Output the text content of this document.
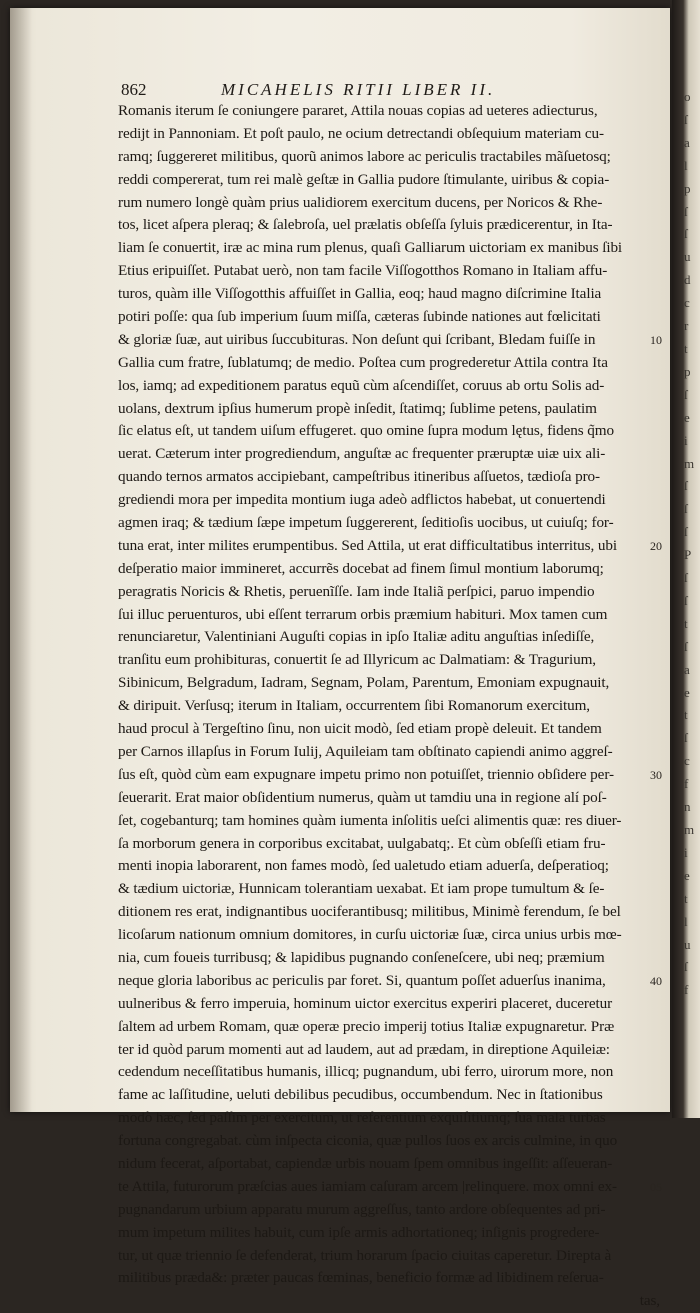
862	MICAHELIS RITII LIBER II.
Romanis iterum ſe coniungere pararet, Attila nouas copias ad ueteres adiecturus,
redijt in Pannoniam. Et poſt paulo, ne ocium detrectandi obſequium materiam cu-
ramq; ſuggereret militibus, quorũ animos labore ac periculis tractabiles mãſuetosq;
reddi compererat, tum rei malè geſtæ in Gallia pudore ſtimulante, uiribus & copia-
rum numero longè quàm prius ualidiorem exercitum ducens, per Noricos & Rhe-
tos, licet aſpera pleraq; & ſalebroſa, uel prælatis obſeſſa ſyluis prædicerentur, in Ita-
liam ſe conuertit, iræ ac mina rum plenus, quaſi Galliarum uictoriam ex manibus ſibi
Etius eripuiſſet. Putabat uerò, non tam facile Viſſogotthos Romano in Italiam affu-
turos, quàm ille Viſſogotthis affuiſſet in Gallia, eoq; haud magno diſcrimine Italia
potiri poſſe: qua ſub imperium ſuum miſſa, cæteras ſubinde nationes aut fœlicitati
& gloriæ ſuæ, aut uiribus ſuccubituras. Non deſunt qui ſcribant, Bledam fuiſſe in
Gallia cum fratre, ſublatumq; de medio. Poſtea cum progrederetur Attila contra Ita
los, iamq; ad expeditionem paratus equũ cùm aſcendiſſet, coruus ab ortu Solis ad-
uolans, dextrum ipſius humerum propè inſedit, ſtatimq; ſublime petens, paulatim
ſic elatus eſt, ut tandem uiſum effugeret. quo omine ſupra modum lętus, fidens q̃mo
uerat. Cæterum inter progrediendum, anguſtæ ac frequenter præruptæ uiæ uix ali-
quando ternos armatos accipiebant, campeſtribus itineribus aſſuetos, tædioſa pro-
grediendi mora per impedita montium iuga adeò adflictos habebat, ut conuertendi
agmen iraq; & tædium ſæpe impetum ſuggererent, ſeditioſis uocibus, ut cuiuſq; for-
tuna erat, inter milites erumpentibus. Sed Attila, ut erat difficultatibus interritus, ubi
deſperatio maior immineret, accurrẽs docebat ad finem ſimul montium laborumq;
peragratis Noricis & Rhetis, peruenĩſſe. Iam inde Italiã perſpici, paruo impendio
ſui illuc peruenturos, ubi eſſent terrarum orbis præmium habituri. Mox tamen cum
renunciaretur, Valentiniani Auguſti copias in ipſo Italiæ aditu anguſtias inſediſſe,
tranſitu eum prohibituras, conuertit ſe ad Illyricum ac Dalmatiam: & Tragurium,
Sibinicum, Belgradum, Iadram, Segnam, Polam, Parentum, Emoniam expugnauit,
& diripuit. Verſusq; iterum in Italiam, occurrentem ſibi Romanorum exercitum,
haud procul à Tergeſtino ſinu, non uicit modò, ſed etiam propè deleuit. Et tandem
per Carnos illapſus in Forum Iulij, Aquileiam tam obſtinato capiendi animo aggreſ-
ſus eſt, quòd cùm eam expugnare impetu primo non potuiſſet, triennio obſidere per-
ſeuerarit. Erat maior obſidentium numerus, quàm ut tamdiu una in regione alí poſ-
ſet, cogebanturq; tam homines quàm iumenta inſolitis ueſci alimentis quæ: res diuer-
ſa morborum genera in corporibus excitabat, uulgabatq;. Et cùm obſeſſi etiam fru-
menti inopia laborarent, non fames modò, ſed ualetudo etiam aduerſa, deſperatioq;
& tædium uictoriæ, Hunnicam tolerantiam uexabat. Et iam prope tumultum & ſe-
ditionem res erat, indignantibus uociferantibusq; militibus, Minimè ferendum, ſe bel
licoſarum nationum omnium domitores, in curſu uictoriæ ſuæ, circa unius urbis mœ-
nia, cum foueis turribusq; & lapidibus pugnando conſeneſcere, ubi neq; præmium
neque gloria laboribus ac periculis par foret. Si, quantum poſſet aduerſus inanima,
uulneribus & ferro imperuia, hominum uictor exercitus experiri placeret, duceretur
ſaltem ad urbem Romam, quæ operæ precio imperij totius Italiæ expugnaretur. Præ
ter id quòd parum momenti aut ad laudem, aut ad prædam, in direptione Aquileiæ:
cedendum neceſſitatibus humanis, illicq; pugnandum, ubi ferro, uirorum more, non
fame ac laſſitudine, ueluti debilibus pecudibus, occumbendum. Nec in ſtationibus
modò hæc, ſed paſſim per exercitum, ut referentium exquiſitiumq; ſua mala turbas
fortuna congregabat. cùm inſpecta ciconia, quæ pullos ſuos ex arcis culmine, in quo
nidum fecerat, aſportabat, capiendæ urbis nouam ſpem omnibus ingeſſit: aſſeueran-
te Attila, futurorum præſcias aues iamiam caſuram arcem |relinquere. mox omni ex-
pugnandarum urbium apparatu murum aggreſſus, tanto ardore obſequentes ad pri-
mum impetum milites habuit, cum ipſe armis adhortationeq; inſignis progredere-
tur, ut quæ triennio ſe defenderat, trium horarum ſpacio ciuitas caperetur. Direpta à
militibus præda&: præter paucas fœminas, beneficio formæ ad libidinem reſerua-
tas,
10
20
30
40
05
o
ſ
a
l
p
ſ
ſ
u
d
c
r
t
p
ſ
e
i
m
ſ
ſ
ſ
P
ſ
ſ
t
ſ
a
e
t
ſ
c
f
n
m
i
e
t
l
u
ſ
f
